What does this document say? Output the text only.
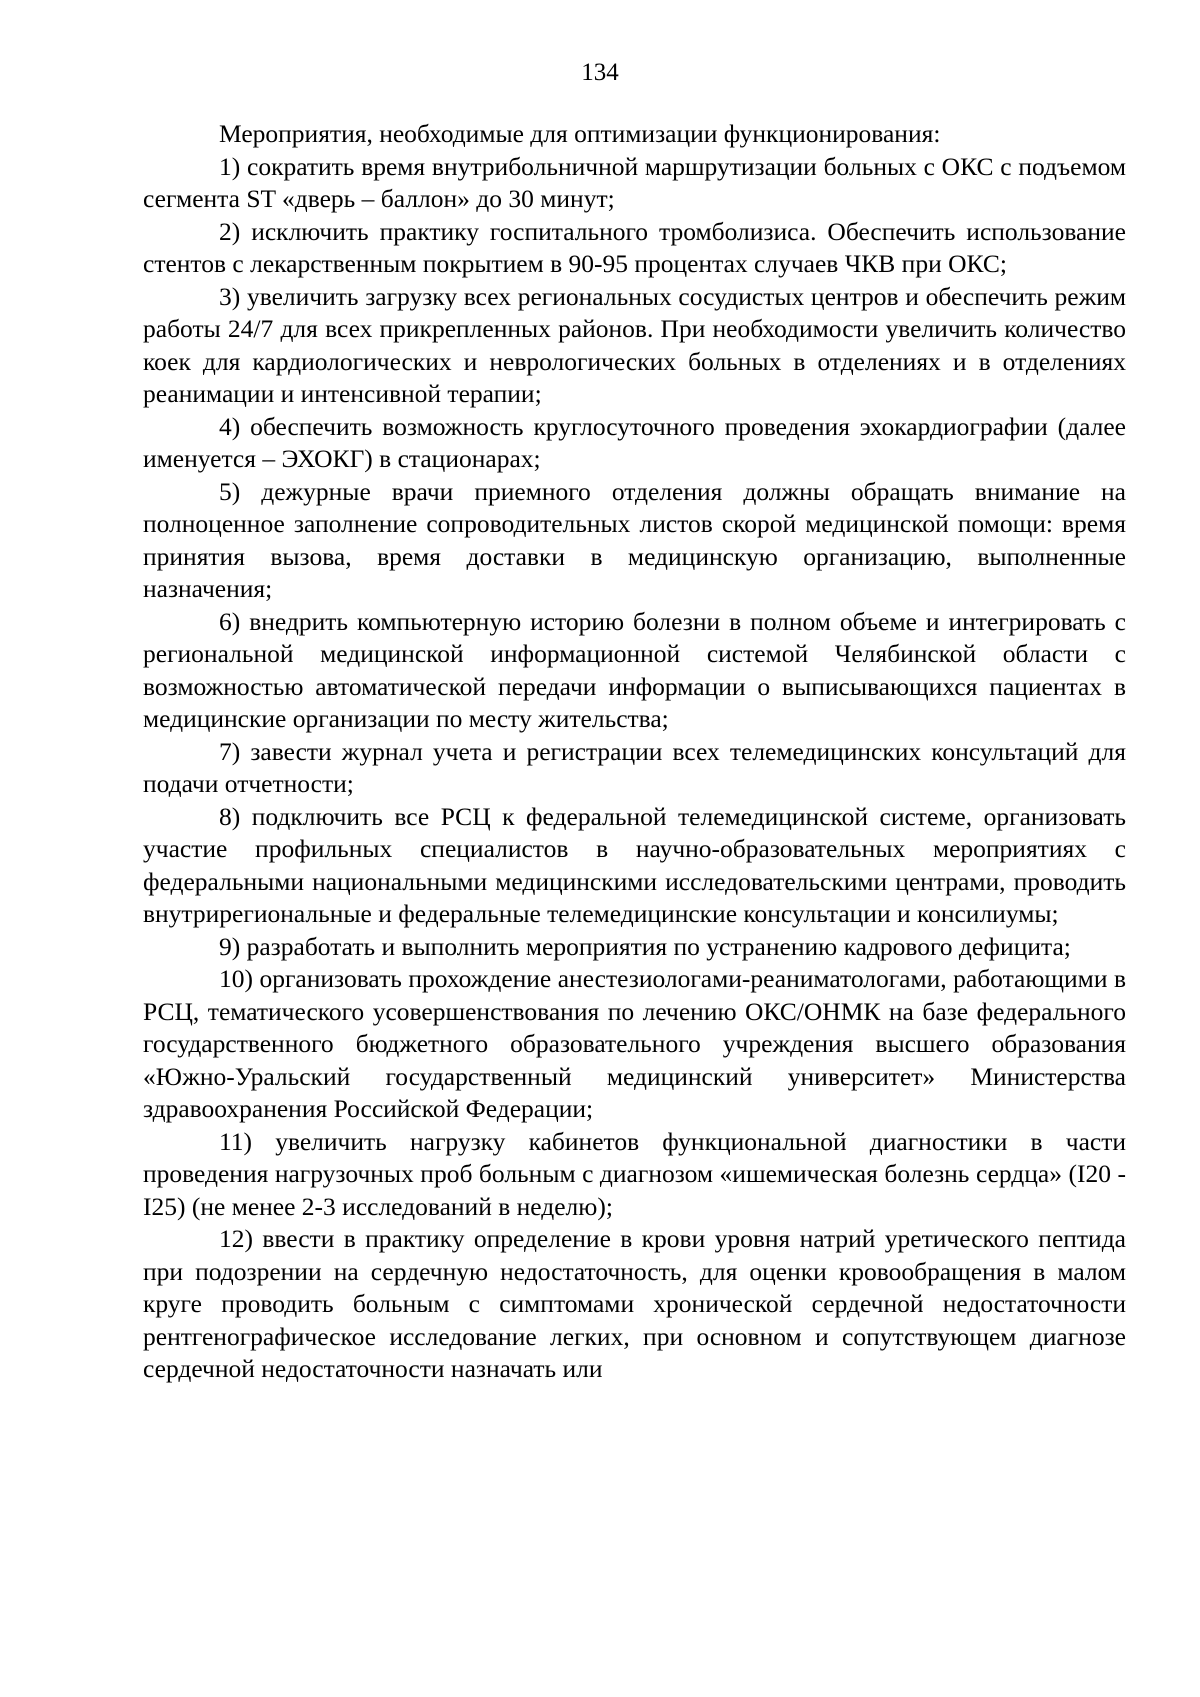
134

Мероприятия, необходимые для оптимизации функционирования:

1) сократить время внутрибольничной маршрутизации больных с ОКС с подъемом сегмента ST «дверь – баллон» до 30 минут;

2) исключить практику госпитального тромболизиса. Обеспечить использование стентов с лекарственным покрытием в 90-95 процентах случаев ЧКВ при ОКС;

3) увеличить загрузку всех региональных сосудистых центров и обеспечить режим работы 24/7 для всех прикрепленных районов. При необходимости увеличить количество коек для кардиологических и неврологических больных в отделениях и в отделениях реанимации и интенсивной терапии;

4) обеспечить возможность круглосуточного проведения эхокардиографии (далее именуется – ЭХОКГ) в стационарах;

5) дежурные врачи приемного отделения должны обращать внимание на полноценное заполнение сопроводительных листов скорой медицинской помощи: время принятия вызова, время доставки в медицинскую организацию, выполненные назначения;

6) внедрить компьютерную историю болезни в полном объеме и интегрировать с региональной медицинской информационной системой Челябинской области с возможностью автоматической передачи информации о выписывающихся пациентах в медицинские организации по месту жительства;

7) завести журнал учета и регистрации всех телемедицинских консультаций для подачи отчетности;

8) подключить все РСЦ к федеральной телемедицинской системе, организовать участие профильных специалистов в научно-образовательных мероприятиях с федеральными национальными медицинскими исследовательскими центрами, проводить внутрирегиональные и федеральные телемедицинские консультации и консилиумы;

9) разработать и выполнить мероприятия по устранению кадрового дефицита;

10) организовать прохождение анестезиологами-реаниматологами, работающими в РСЦ, тематического усовершенствования по лечению ОКС/ОНМК на базе федерального государственного бюджетного образовательного учреждения высшего образования «Южно-Уральский государственный медицинский университет» Министерства здравоохранения Российской Федерации;

11) увеличить нагрузку кабинетов функциональной диагностики в части проведения нагрузочных проб больным с диагнозом «ишемическая болезнь сердца» (I20 - I25) (не менее 2-3 исследований в неделю);

12) ввести в практику определение в крови уровня натрий уретического пептида при подозрении на сердечную недостаточность, для оценки кровообращения в малом круге проводить больным с симптомами хронической сердечной недостаточности рентгенографическое исследование легких, при основном и сопутствующем диагнозе сердечной недостаточности назначать или
